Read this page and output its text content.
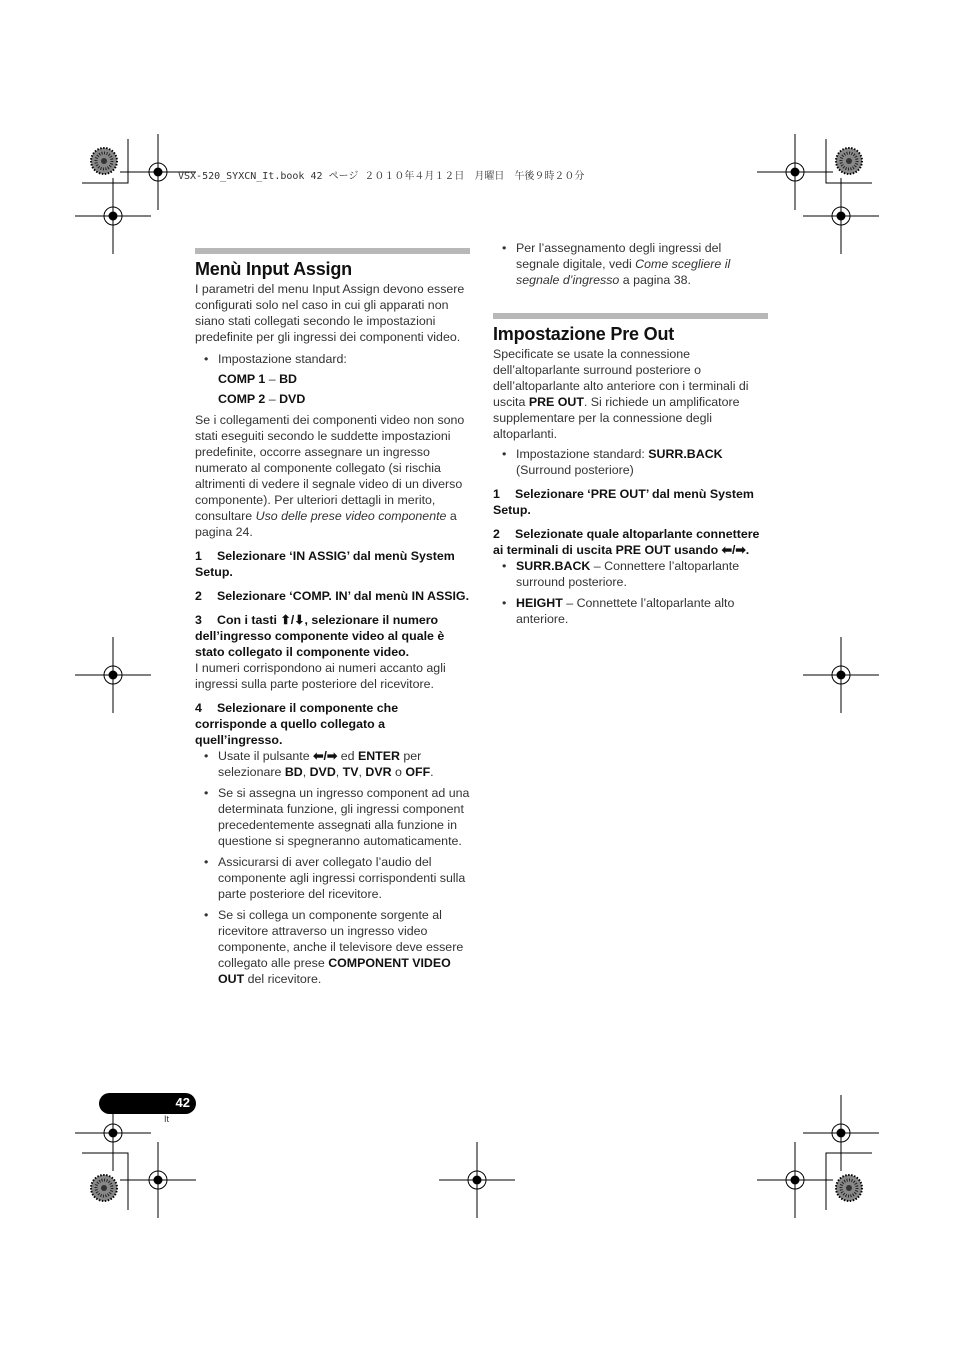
VSX-520_SYXCN_It.book 42 ページ ２０１０年４月１２日　月曜日　午後９時２０分
Menù Input Assign

I parametri del menu Input Assign devono essere configurati solo nel caso in cui gli apparati non siano stati collegati secondo le impostazioni predefinite per gli ingressi dei componenti video.

• Impostazione standard:

COMP 1 – BD

COMP 2 – DVD

Se i collegamenti dei componenti video non sono stati eseguiti secondo le suddette impostazioni predefinite, occorre assegnare un ingresso numerato al componente collegato (si rischia altrimenti di vedere il segnale video di un diverso componente). Per ulteriori dettagli in merito, consultare Uso delle prese video componente a pagina 24.

1 Selezionare ‘IN ASSIG’ dal menù System Setup.

2 Selezionare ‘COMP. IN’ dal menù IN ASSIG.

3 Con i tasti ⬆/⬇, selezionare il numero dell’ingresso componente video al quale è stato collegato il componente video.

I numeri corrispondono ai numeri accanto agli ingressi sulla parte posteriore del ricevitore.

4 Selezionare il componente che corrisponde a quello collegato a quell’ingresso.

• Usate il pulsante ⬅/➡ ed ENTER per selezionare BD, DVD, TV, DVR o OFF.
• Se si assegna un ingresso component ad una determinata funzione, gli ingressi component precedentemente assegnati alla funzione in questione si spegneranno automaticamente.
• Assicurarsi di aver collegato l’audio del componente agli ingressi corrispondenti sulla parte posteriore del ricevitore.
• Se si collega un componente sorgente al ricevitore attraverso un ingresso video componente, anche il televisore deve essere collegato alle prese COMPONENT VIDEO OUT del ricevitore.
• Per l’assegnamento degli ingressi del segnale digitale, vedi Come scegliere il segnale d’ingresso a pagina 38.
Impostazione Pre Out

Specificate se usate la connessione dell’altoparlante surround posteriore o dell’altoparlante alto anteriore con i terminali di uscita PRE OUT. Si richiede un amplificatore supplementare per la connessione degli altoparlanti.

• Impostazione standard: SURR.BACK
(Surround posteriore)

1 Selezionare ‘PRE OUT’ dal menù System Setup.

2 Selezionate quale altoparlante connettere ai terminali di uscita PRE OUT usando ⬅/➡.

• SURR.BACK – Connettere l’altoparlante surround posteriore.
• HEIGHT – Connettete l’altoparlante alto anteriore.
42
It
